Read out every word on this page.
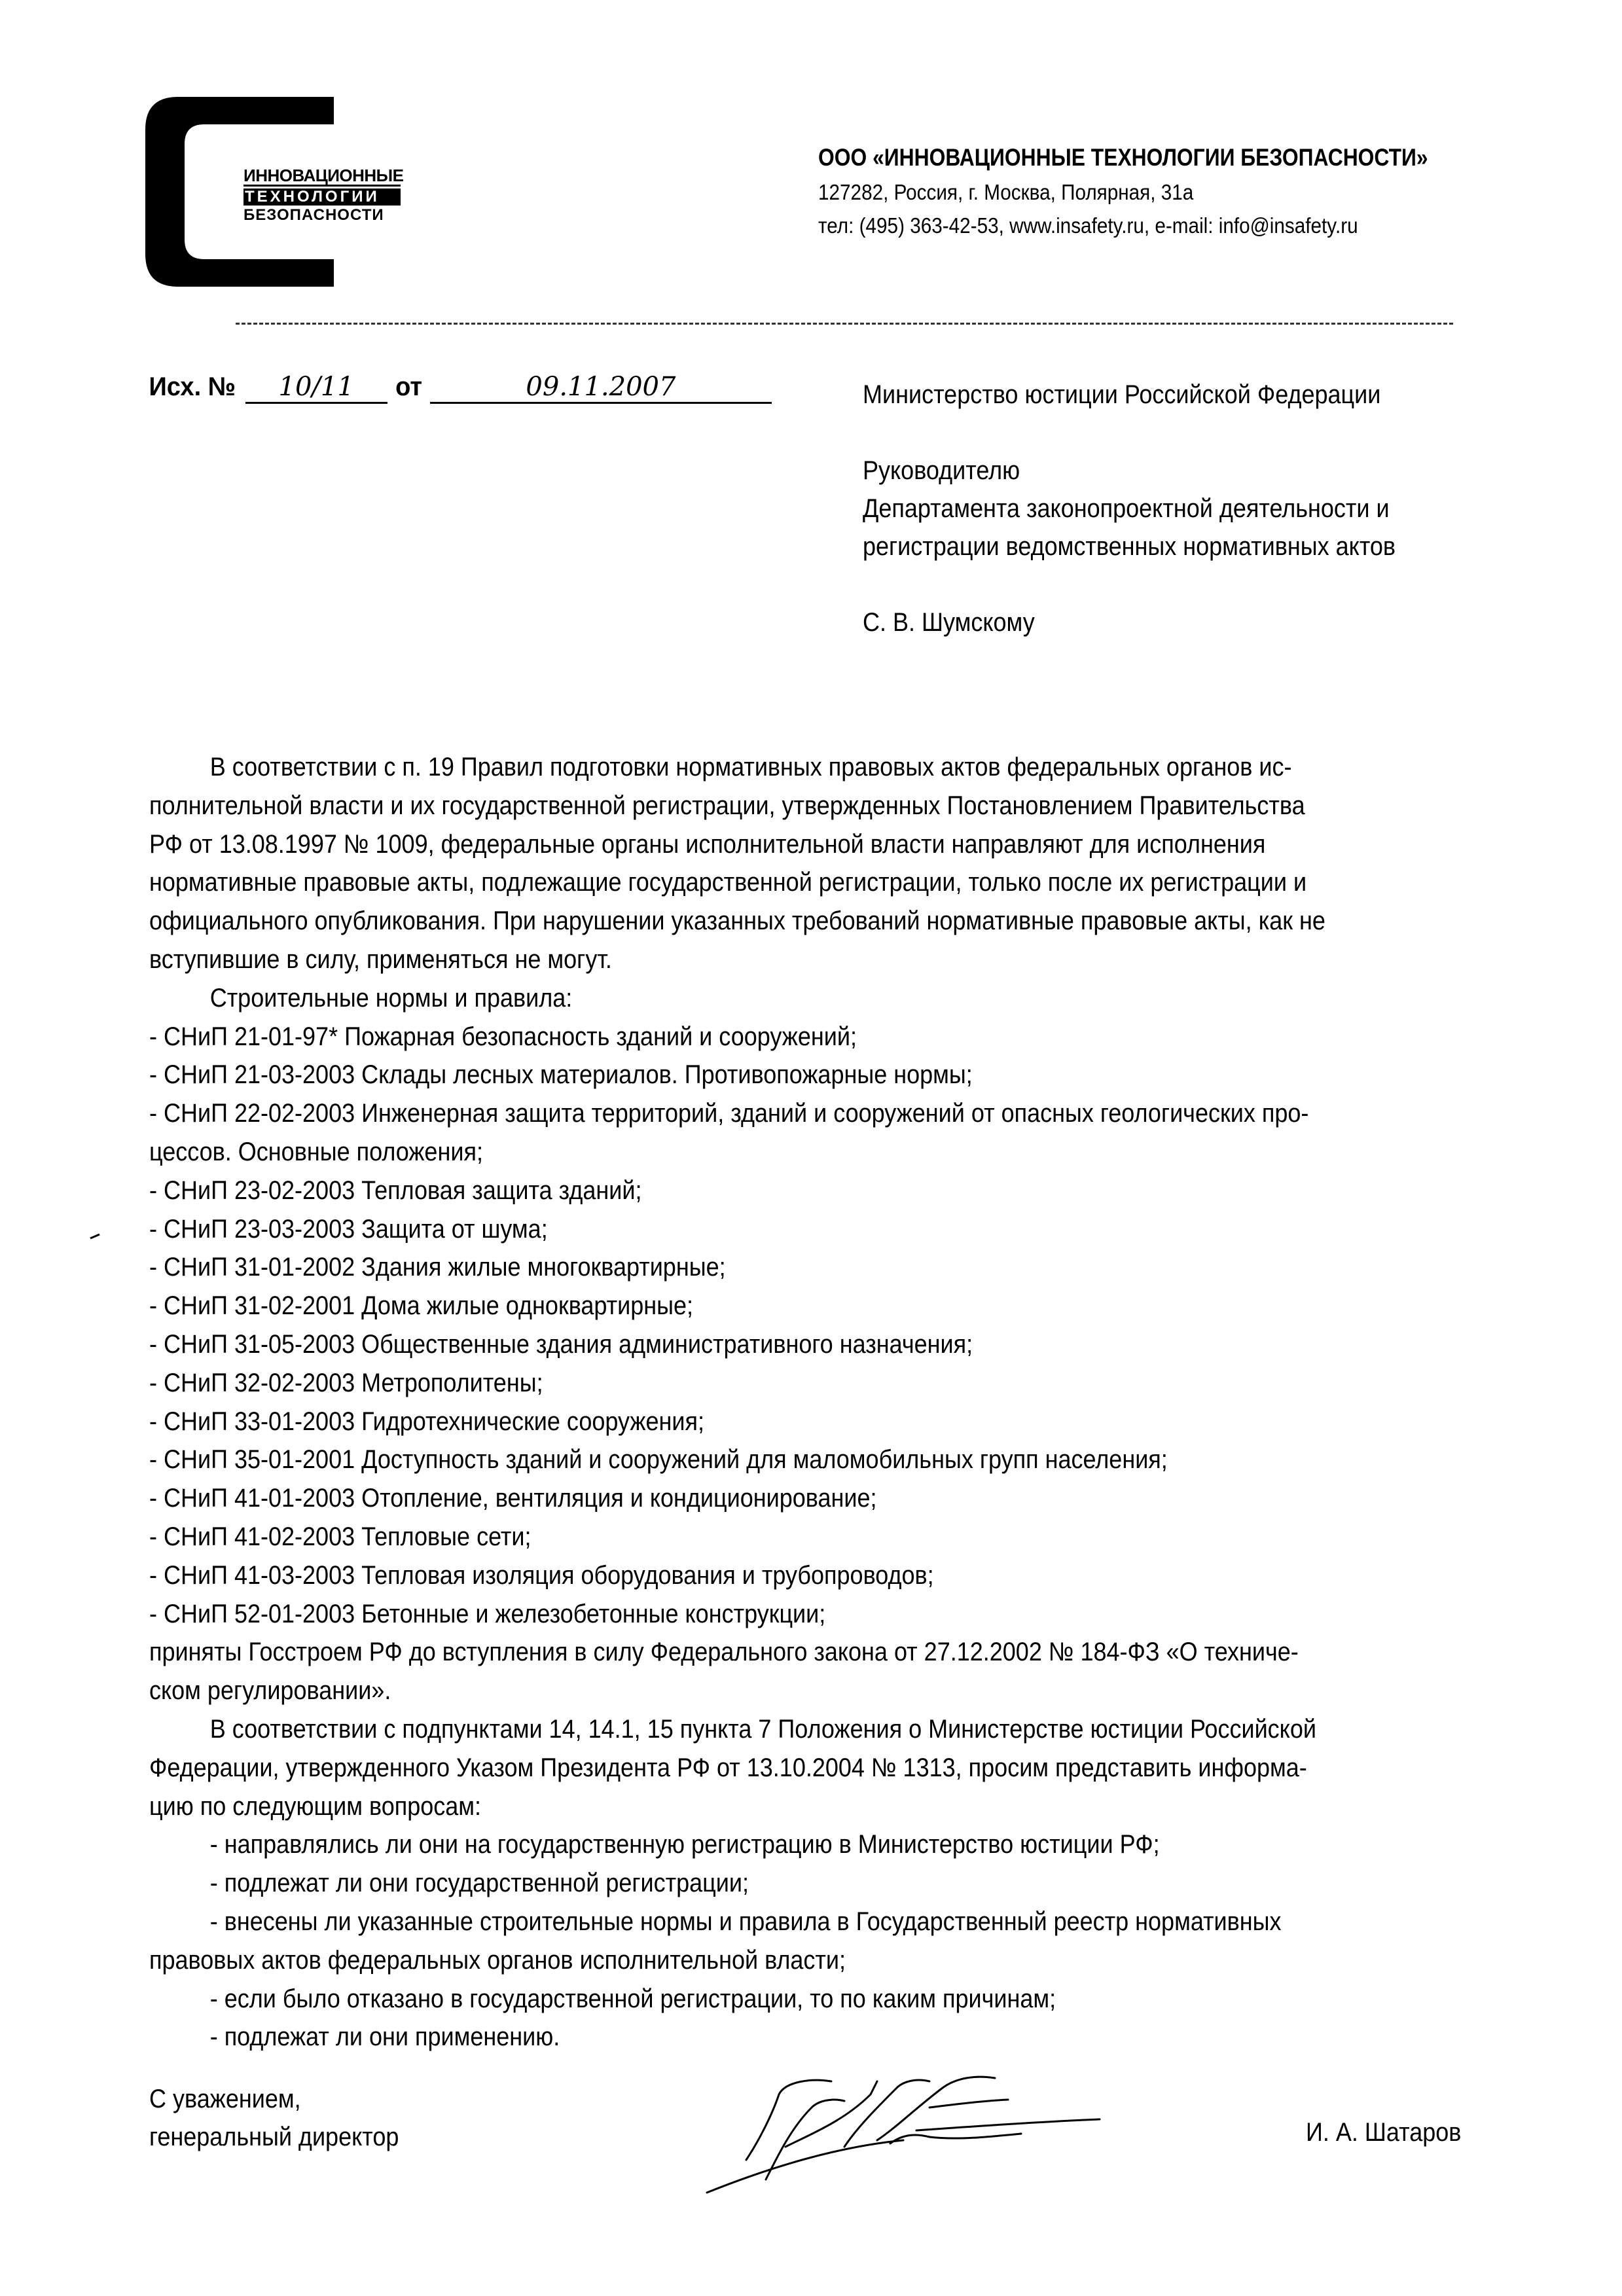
ИННОВАЦИОННЫЕ
ТЕХНОЛОГИИ
БЕЗОПАСНОСТИ
ООО «ИННОВАЦИОННЫЕ ТЕХНОЛОГИИ БЕЗОПАСНОСТИ»
127282, Россия, г. Москва, Полярная, 31а
тел: (495) 363-42-53, www.insafety.ru, e-mail: info@insafety.ru
Исх. № 10/11 от	09.11.2007	Министерство юстиции Российской Федерации
Руководителю
Департамента законопроектной деятельности и
регистрации ведомственных нормативных актов
С. В. Шумскому
В соответствии с п. 19 Правил подготовки нормативных правовых актов федеральных органов ис-
полнительной власти и их государственной регистрации, утвержденных Постановлением Правительства
РФ от 13.08.1997 № 1009, федеральные органы исполнительной власти направляют для исполнения
нормативные правовые акты, подлежащие государственной регистрации, только после их регистрации и
официального опубликования. При нарушении указанных требований нормативные правовые акты, как не
вступившие в силу, применяться не могут.
Строительные нормы и правила:
- СНиП 21-01-97* Пожарная безопасность зданий и сооружений;
- СНиП 21-03-2003 Склады лесных материалов. Противопожарные нормы;
- СНиП 22-02-2003 Инженерная защита территорий, зданий и сооружений от опасных геологических про-
цессов. Основные положения;
- СНиП 23-02-2003 Тепловая защита зданий;
- СНиП 23-03-2003 Защита от шума;
- СНиП 31-01-2002 Здания жилые многоквартирные;
- СНиП 31-02-2001 Дома жилые одноквартирные;
- СНиП 31-05-2003 Общественные здания административного назначения;
- СНиП 32-02-2003 Метрополитены;
- СНиП 33-01-2003 Гидротехнические сооружения;
- СНиП 35-01-2001 Доступность зданий и сооружений для маломобильных групп населения;
- СНиП 41-01-2003 Отопление, вентиляция и кондиционирование;
- СНиП 41-02-2003 Тепловые сети;
- СНиП 41-03-2003 Тепловая изоляция оборудования и трубопроводов;
- СНиП 52-01-2003 Бетонные и железобетонные конструкции;
приняты Госстроем РФ до вступления в силу Федерального закона от 27.12.2002 № 184-ФЗ «О техниче-
ском регулировании».
В соответствии с подпунктами 14, 14.1, 15 пункта 7 Положения о Министерстве юстиции Российской
Федерации, утвержденного Указом Президента РФ от 13.10.2004 № 1313, просим представить информа-
цию по следующим вопросам:
- направлялись ли они на государственную регистрацию в Министерство юстиции РФ;
- подлежат ли они государственной регистрации;
- внесены ли указанные строительные нормы и правила в Государственный реестр нормативных
правовых актов федеральных органов исполнительной власти;
- если было отказано в государственной регистрации, то по каким причинам;
- подлежат ли они применению.
С уважением,
генеральный директор	И. А. Шатаров
